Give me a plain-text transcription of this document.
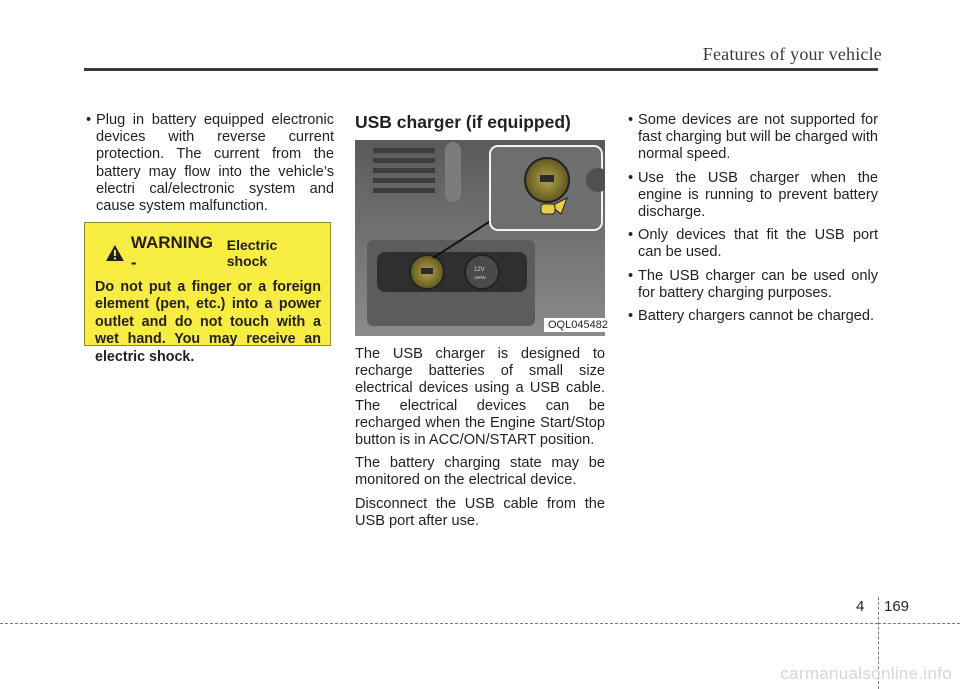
Features of your vehicle
• Plug in battery equipped electronic devices with reverse current protection. The current from the battery may flow into the vehicle’s electri cal/electronic system and cause system malfunction.
WARNING -
Electric shock
Do not put a finger or a foreign element (pen, etc.) into a power outlet and do not touch with a wet hand. You may receive an electric shock.
USB charger (if equipped)
12V
180W
OQL045482

The USB charger is designed to recharge batteries of small size electrical devices using a USB cable. The electrical devices can be recharged when the Engine Start/Stop button is in ACC/ON/START position.

The battery charging state may be monitored on the electrical device.

Disconnect the USB cable from the USB port after use.

• Some devices are not supported for fast charging but will be charged with normal speed.
• Use the USB charger when the engine is running to prevent battery discharge.
• Only devices that fit the USB port can be used.
• The USB charger can be used only for battery charging purposes.
• Battery chargers cannot be charged.
4 169
carmanualsonline.info
